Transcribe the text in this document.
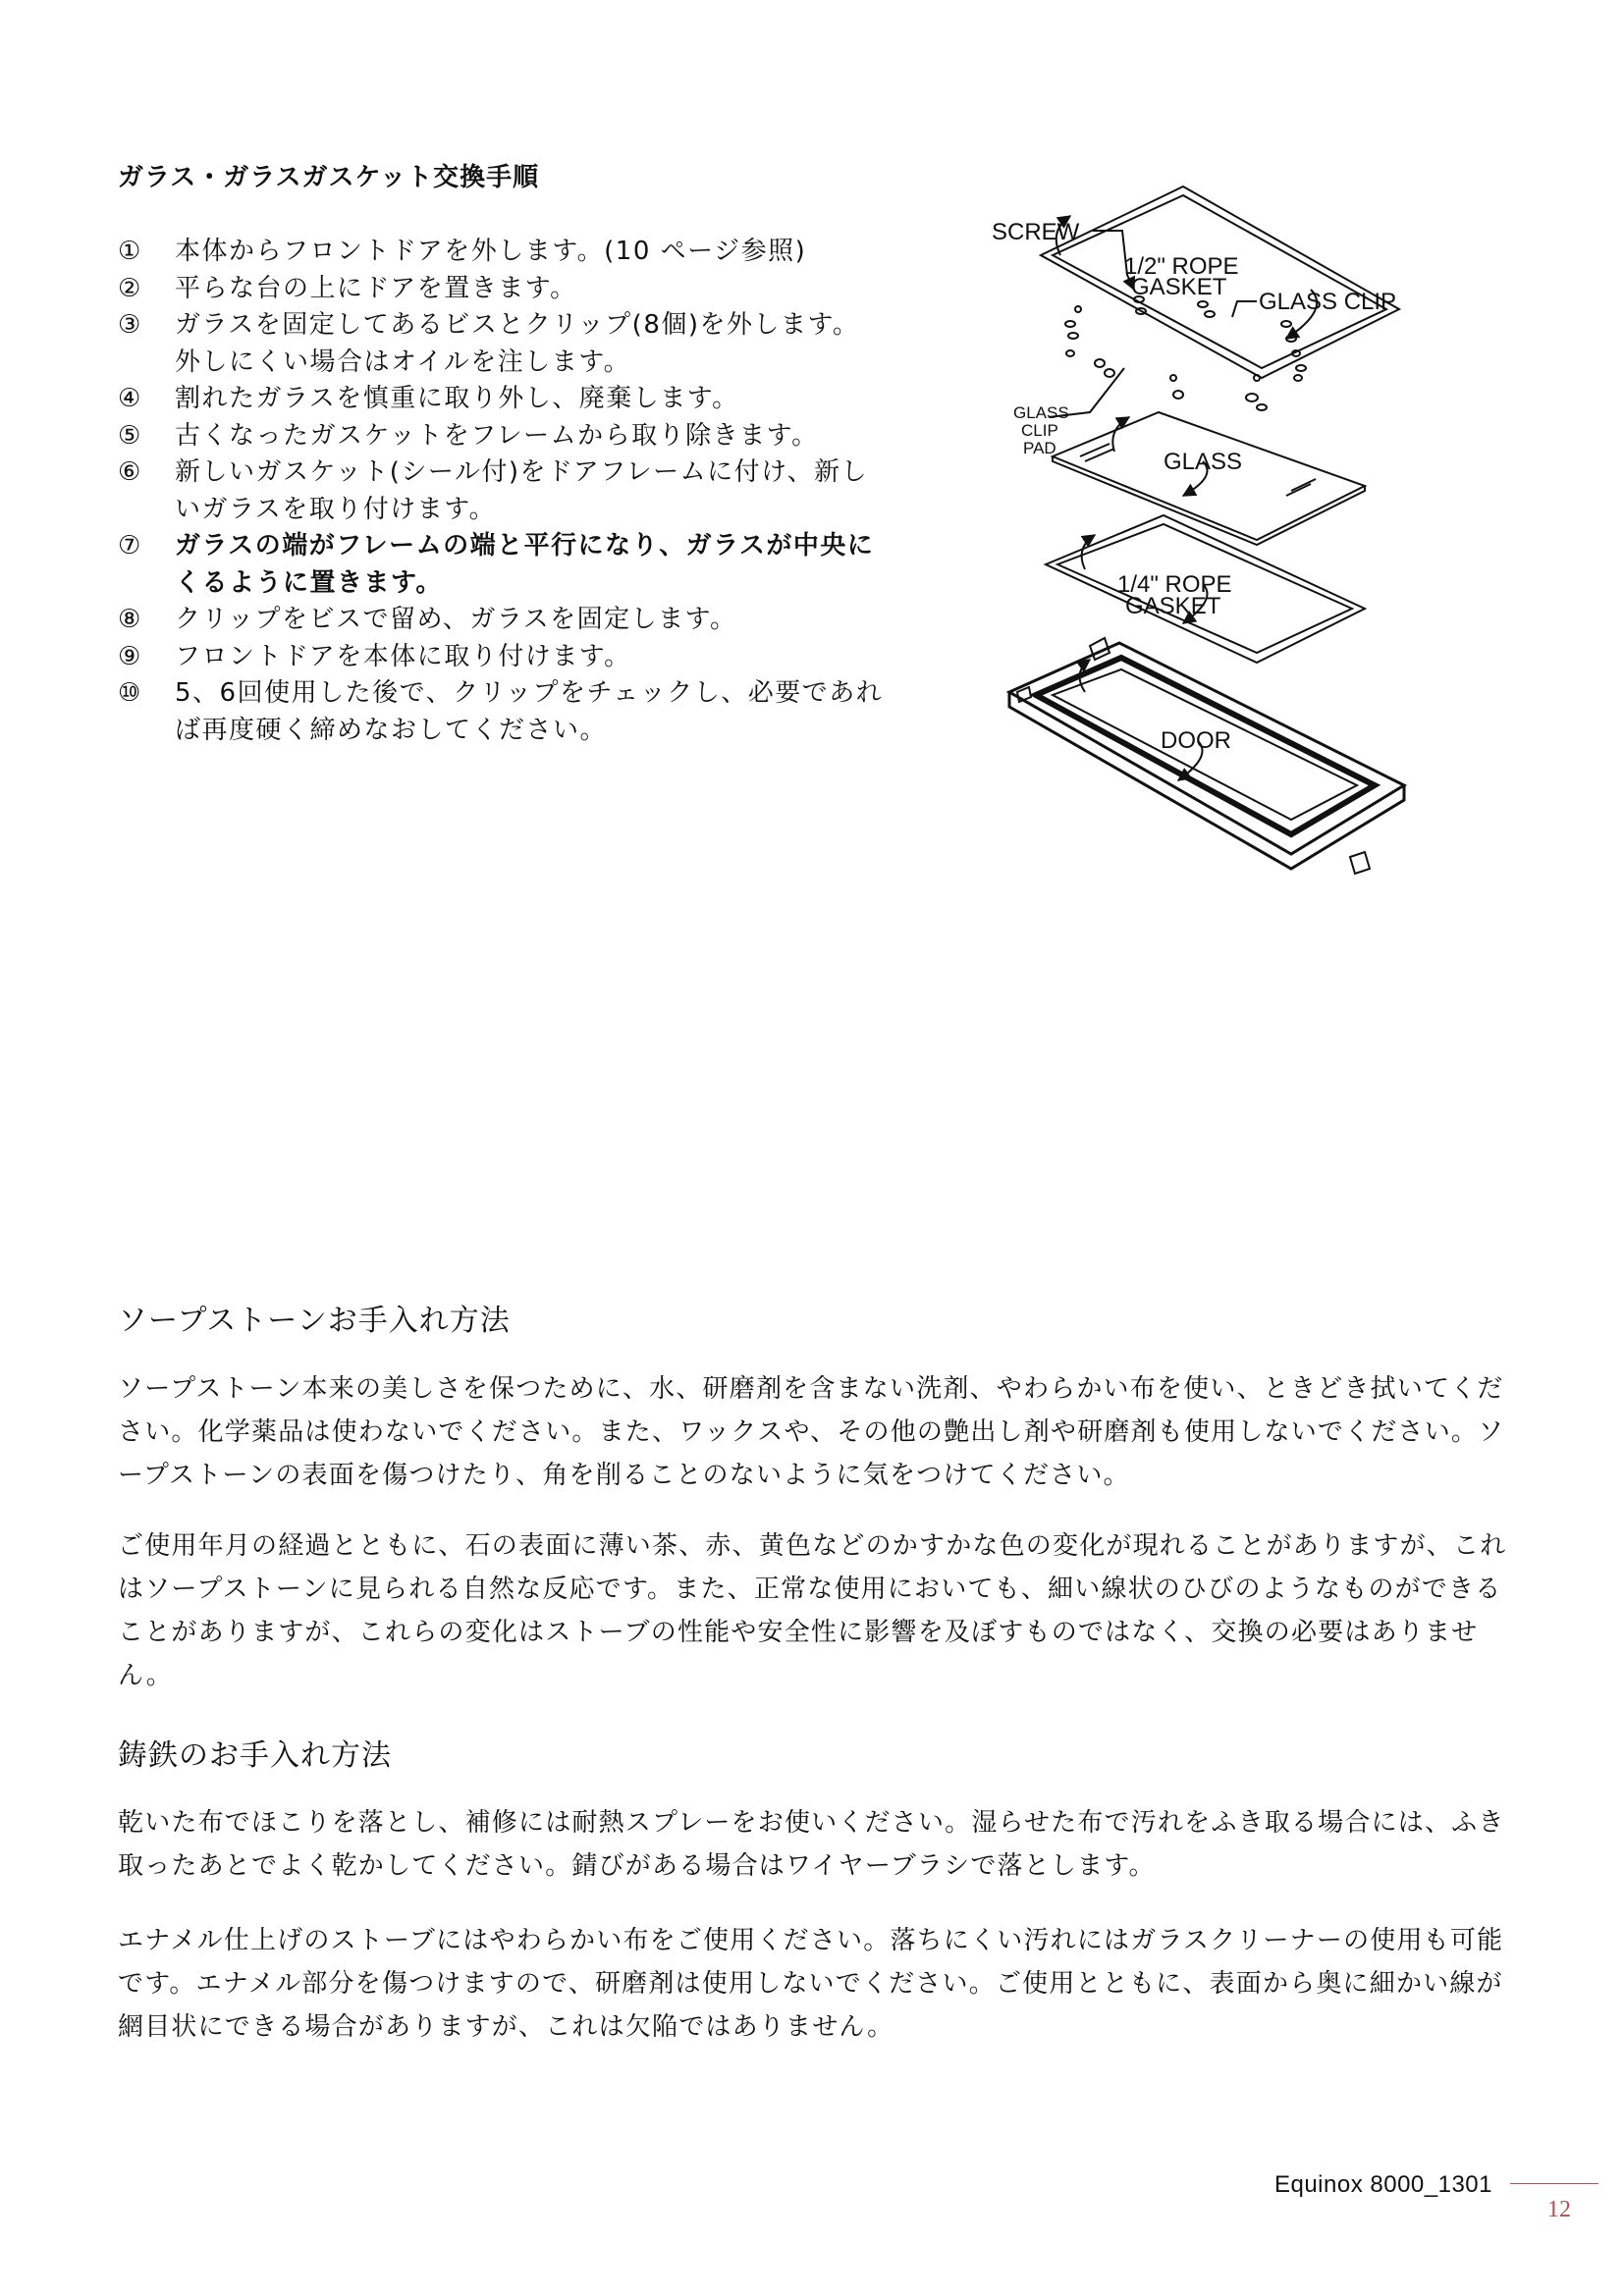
ガラス・ガラスガスケット交換手順
①	本体からフロントドアを外します。(10 ページ参照)
②	平らな台の上にドアを置きます。
③	ガラスを固定してあるビスとクリップ(8個)を外します。外しにくい場合はオイルを注します。
④	割れたガラスを慎重に取り外し、廃棄します。
⑤	古くなったガスケットをフレームから取り除きます。
⑥	新しいガスケット(シール付)をドアフレームに付け、新しいガラスを取り付けます。
⑦	ガラスの端がフレームの端と平行になり、ガラスが中央にくるように置きます。
⑧	クリップをビスで留め、ガラスを固定します。
⑨	フロントドアを本体に取り付けます。
⑩	5、6回使用した後で、クリップをチェックし、必要であれば再度硬く締めなおしてください。
1/2" ROPE
GASKET
SCREW
GLASS CLIP
GLASS
CLIP
PAD
GLASS
1/4" ROPE
GASKET
DOOR
ソープストーンお手入れ方法

ソープストーン本来の美しさを保つために、水、研磨剤を含まない洗剤、やわらかい布を使い、ときどき拭いてください。化学薬品は使わないでください。また、ワックスや、その他の艶出し剤や研磨剤も使用しないでください。ソープストーンの表面を傷つけたり、角を削ることのないように気をつけてください。

ご使用年月の経過とともに、石の表面に薄い茶、赤、黄色などのかすかな色の変化が現れることがありますが、これはソープストーンに見られる自然な反応です。また、正常な使用においても、細い線状のひびのようなものができることがありますが、これらの変化はストーブの性能や安全性に影響を及ぼすものではなく、交換の必要はありません。

鋳鉄のお手入れ方法

乾いた布でほこりを落とし、補修には耐熱スプレーをお使いください。湿らせた布で汚れをふき取る場合には、ふき取ったあとでよく乾かしてください。錆びがある場合はワイヤーブラシで落とします。

エナメル仕上げのストーブにはやわらかい布をご使用ください。落ちにくい汚れにはガラスクリーナーの使用も可能です。エナメル部分を傷つけますので、研磨剤は使用しないでください。ご使用とともに、表面から奥に細かい線が網目状にできる場合がありますが、これは欠陥ではありません。

Equinox 8000_1301
12
